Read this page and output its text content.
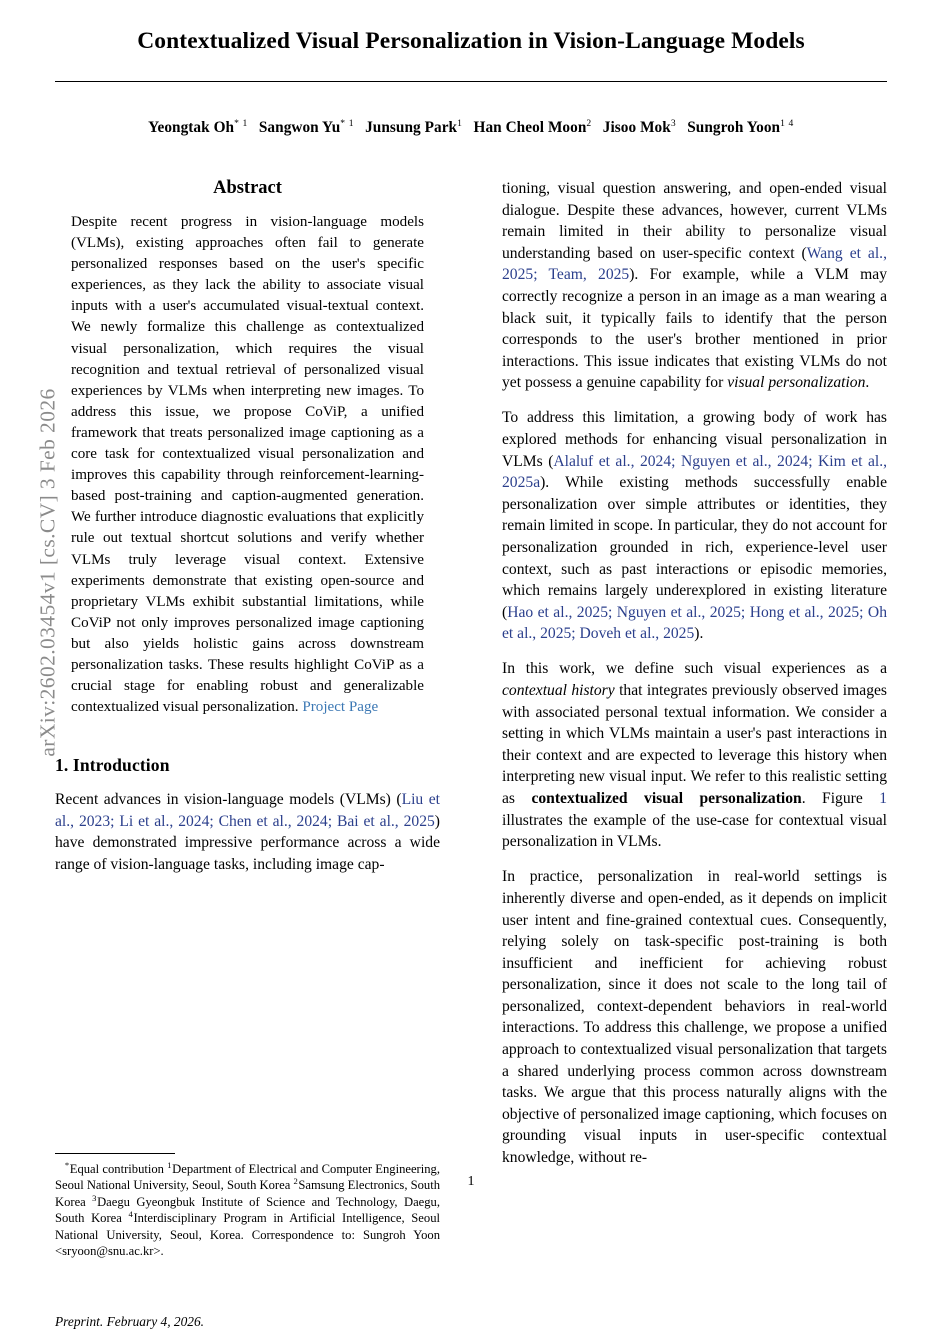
arXiv:2602.03454v1 [cs.CV] 3 Feb 2026
Contextualized Visual Personalization in Vision-Language Models
Yeongtak Oh$^{* 1}$ Sangwon Yu$^{* 1}$ Junsung Park$^1$ Han Cheol Moon$^2$ Jisoo Mok$^3$ Sungroh Yoon$^{1 4}$
Abstract
Despite recent progress in vision-language models (VLMs), existing approaches often fail to generate personalized responses based on the user's specific experiences, as they lack the ability to associate visual inputs with a user's accumulated visual-textual context. We newly formalize this challenge as contextualized visual personalization, which requires the visual recognition and textual retrieval of personalized visual experiences by VLMs when interpreting new images. To address this issue, we propose CoViP, a unified framework that treats personalized image captioning as a core task for contextualized visual personalization and improves this capability through reinforcement-learning-based post-training and caption-augmented generation. We further introduce diagnostic evaluations that explicitly rule out textual shortcut solutions and verify whether VLMs truly leverage visual context. Extensive experiments demonstrate that existing open-source and proprietary VLMs exhibit substantial limitations, while CoViP not only improves personalized image captioning but also yields holistic gains across downstream personalization tasks. These results highlight CoViP as a crucial stage for enabling robust and generalizable contextualized visual personalization. Project Page
1. Introduction

Recent advances in vision-language models (VLMs) (Liu et al., 2023; Li et al., 2024; Chen et al., 2024; Bai et al., 2025) have demonstrated impressive performance across a wide range of vision-language tasks, including image cap-

tioning, visual question answering, and open-ended visual dialogue. Despite these advances, however, current VLMs remain limited in their ability to personalize visual understanding based on user-specific context (Wang et al., 2025; Team, 2025). For example, while a VLM may correctly recognize a person in an image as a man wearing a black suit, it typically fails to identify that the person corresponds to the user's brother mentioned in prior interactions. This issue indicates that existing VLMs do not yet possess a genuine capability for visual personalization.

To address this limitation, a growing body of work has explored methods for enhancing visual personalization in VLMs (Alaluf et al., 2024; Nguyen et al., 2024; Kim et al., 2025a). While existing methods successfully enable personalization over simple attributes or identities, they remain limited in scope. In particular, they do not account for personalization grounded in rich, experience-level user context, such as past interactions or episodic memories, which remains largely underexplored in existing literature (Hao et al., 2025; Nguyen et al., 2025; Hong et al., 2025; Oh et al., 2025; Doveh et al., 2025).

In this work, we define such visual experiences as a contextual history that integrates previously observed images with associated personal textual information. We consider a setting in which VLMs maintain a user's past interactions in their context and are expected to leverage this history when interpreting new visual input. We refer to this realistic setting as contextualized visual personalization. Figure 1 illustrates the example of the use-case for contextual visual personalization in VLMs.

In practice, personalization in real-world settings is inherently diverse and open-ended, as it depends on implicit user intent and fine-grained contextual cues. Consequently, relying solely on task-specific post-training is both insufficient and inefficient for achieving robust personalization, since it does not scale to the long tail of personalized, context-dependent behaviors in real-world interactions. To address this challenge, we propose a unified approach to contextualized visual personalization that targets a shared underlying process common across downstream tasks. We argue that this process naturally aligns with the objective of personalized image captioning, which focuses on grounding visual inputs in user-specific contextual knowledge, without re-

*Equal contribution $^1$Department of Electrical and Computer Engineering, Seoul National University, Seoul, South Korea $^2$Samsung Electronics, South Korea $^3$Daegu Gyeongbuk Institute of Science and Technology, Daegu, South Korea $^4$Interdisciplinary Program in Artificial Intelligence, Seoul National University, Seoul, Korea. Correspondence to: Sungroh Yoon <sryoon@snu.ac.kr>.

Preprint. February 4, 2026.

1
